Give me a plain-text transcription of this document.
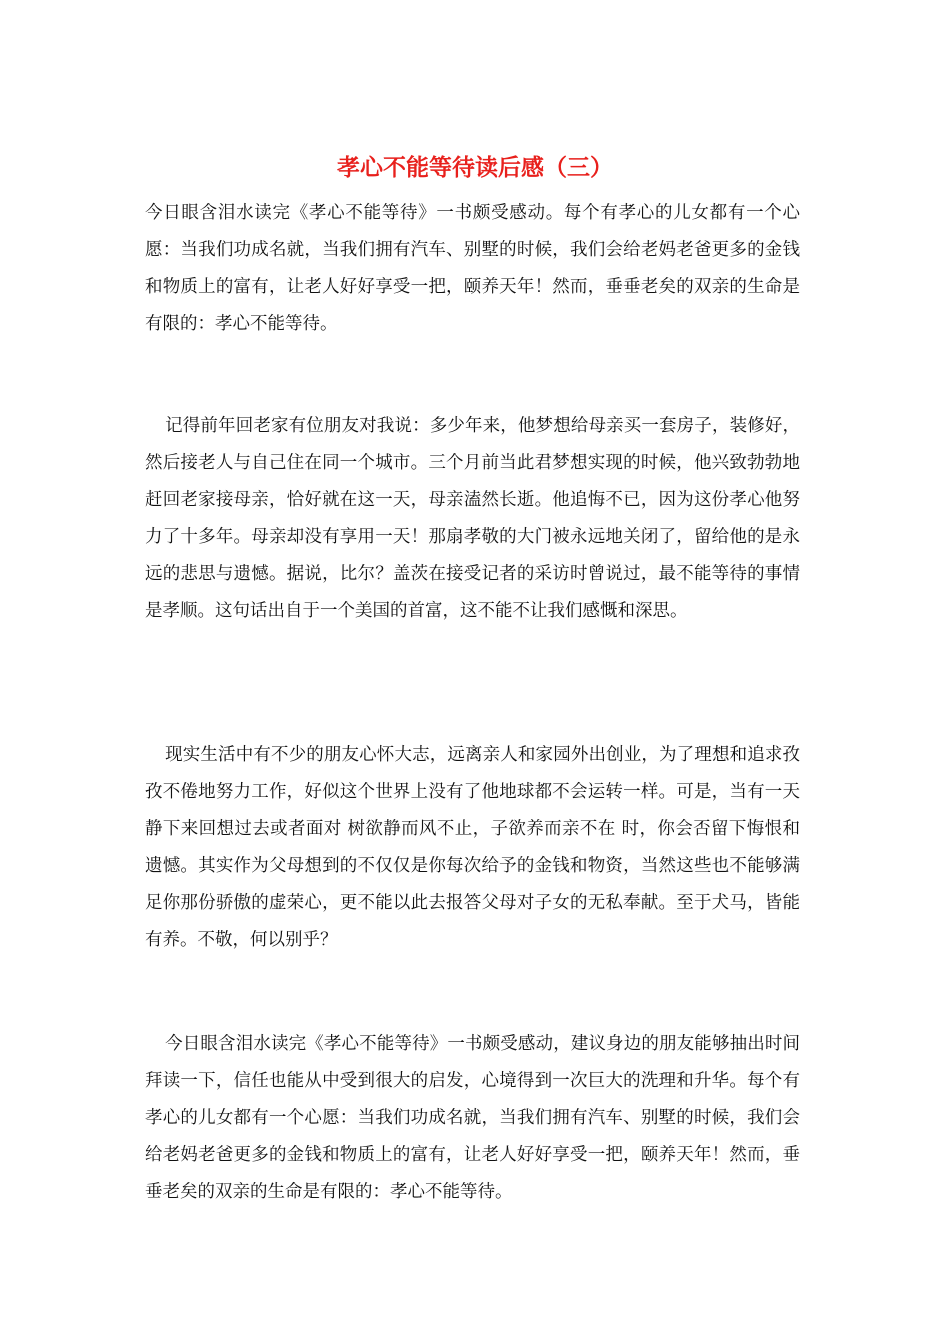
孝心不能等待读后感（三）

今日眼含泪水读完《孝心不能等待》一书颇受感动。每个有孝心的儿女都有一个心愿：当我们功成名就，当我们拥有汽车、别墅的时候，我们会给老妈老爸更多的金钱和物质上的富有，让老人好好享受一把，颐养天年！然而，垂垂老矣的双亲的生命是有限的：孝心不能等待。

记得前年回老家有位朋友对我说：多少年来，他梦想给母亲买一套房子，装修好，然后接老人与自己住在同一个城市。三个月前当此君梦想实现的时候，他兴致勃勃地赶回老家接母亲，恰好就在这一天，母亲溘然长逝。他追悔不已，因为这份孝心他努力了十多年。母亲却没有享用一天！那扇孝敬的大门被永远地关闭了，留给他的是永远的悲思与遗憾。据说，比尔？盖茨在接受记者的采访时曾说过，最不能等待的事情是孝顺。这句话出自于一个美国的首富，这不能不让我们感慨和深思。

现实生活中有不少的朋友心怀大志，远离亲人和家园外出创业，为了理想和追求孜孜不倦地努力工作，好似这个世界上没有了他地球都不会运转一样。可是，当有一天静下来回想过去或者面对 树欲静而风不止，子欲养而亲不在 时，你会否留下悔恨和遗憾。其实作为父母想到的不仅仅是你每次给予的金钱和物资，当然这些也不能够满足你那份骄傲的虚荣心，更不能以此去报答父母对子女的无私奉献。至于犬马，皆能有养。不敬，何以别乎？

今日眼含泪水读完《孝心不能等待》一书颇受感动，建议身边的朋友能够抽出时间拜读一下，信任也能从中受到很大的启发，心境得到一次巨大的洗理和升华。每个有孝心的儿女都有一个心愿：当我们功成名就，当我们拥有汽车、别墅的时候，我们会给老妈老爸更多的金钱和物质上的富有，让老人好好享受一把，颐养天年！然而，垂垂老矣的双亲的生命是有限的：孝心不能等待。
